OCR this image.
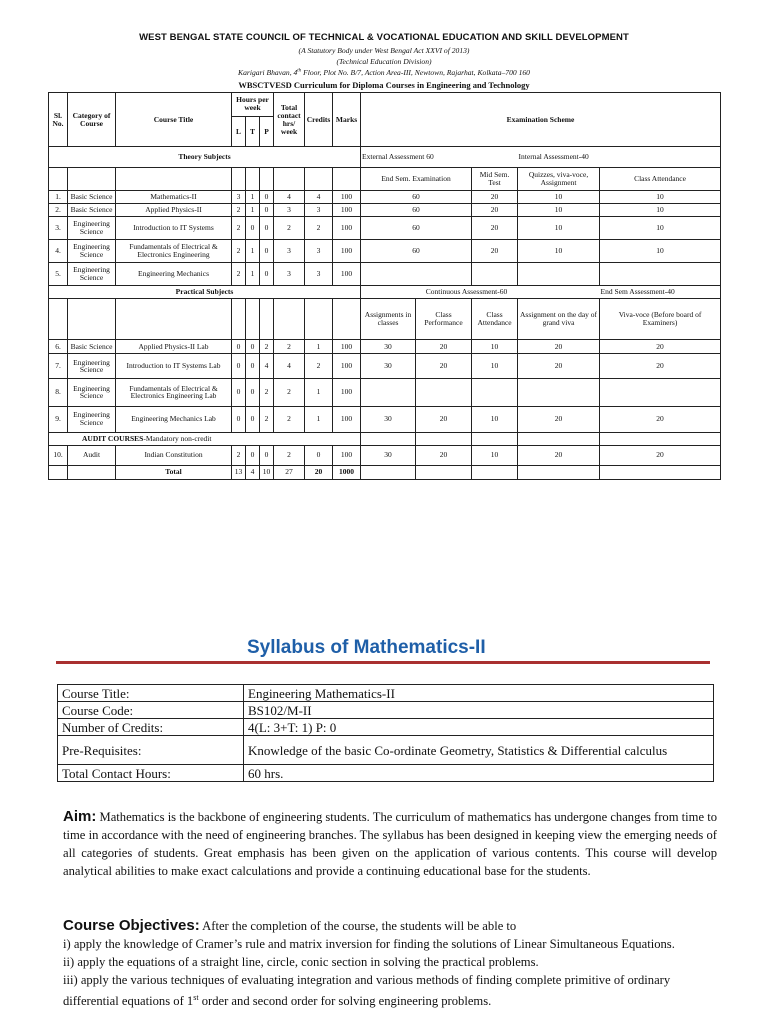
WEST BENGAL STATE COUNCIL OF TECHNICAL & VOCATIONAL EDUCATION AND SKILL DEVELOPMENT
(A Statutory Body under West Bengal Act XXVI of 2013)
(Technical Education Division)
Karigari Bhavan, 4th Floor, Plot No. B/7, Action Area-III, Newtown, Rajarhat, Kolkata–700 160
WBSCTVESD Curriculum for Diploma Courses in Engineering and Technology
Sl. No.	Category of Course	Course Title	Hours per week			Total contact hrs/ week	Credits	Marks	Examination Scheme				
			L	T	P								
Theory Subjects									External Assessment 60			Internal Assessment-40	
									End Sem. Examination		Mid Sem. Test	Quizzes, viva-voce, Assignment	Class Attendance
1.	Basic Science	Mathematics-II	3	1	0	4	4	100	60		20	10	10
2.	Basic Science	Applied Physics-II	2	1	0	3	3	100	60		20	10	10
3.	Engineering Science	Introduction to IT Systems	2	0	0	2	2	100	60		20	10	10
4.	Engineering Science	Fundamentals of Electrical & Electronics Engineering	2	1	0	3	3	100	60		20	10	10
5.	Engineering Science	Engineering Mechanics	2	1	0	3	3	100					
Practical Subjects										Continuous Assessment-60			End Sem Assessment-40
									Assignments in classes	Class Performance	Class Attendance	Assignment on the day of grand viva	Viva-voce (Before board of Examiners)
6.	Basic Science	Applied Physics-II Lab	0	0	2	2	1	100	30	20	10	20	20
7.	Engineering Science	Introduction to IT Systems Lab	0	0	4	4	2	100	30	20	10	20	20
8.	Engineering Science	Fundamentals of Electrical & Electronics Engineering Lab	0	0	2	2	1	100					
9.	Engineering Science	Engineering Mechanics Lab	0	0	2	2	1	100	30	20	10	20	20
AUDIT COURSES-Mandatory non-credit													
10.	Audit	Indian Constitution	2	0	0	2	0	100	30	20	10	20	20
		Total	13	4	10	27	20	1000					
Syllabus of Mathematics-II
Course Title:	Engineering Mathematics-II
Course Code:	BS102/M-II
Number of Credits:	4(L: 3+T: 1) P: 0
Pre-Requisites:	Knowledge of the basic Co-ordinate Geometry, Statistics & Differential calculus
Total Contact Hours:	60 hrs.
Aim: Mathematics is the backbone of engineering students. The curriculum of mathematics has undergone changes from time to time in accordance with the need of engineering branches. The syllabus has been designed in keeping view the emerging needs of all categories of students. Great emphasis has been given on the application of various contents. This course will develop analytical abilities to make exact calculations and provide a continuing educational base for the students.

Course Objectives: After the completion of the course, the students will be able to

i) apply the knowledge of Cramer’s rule and matrix inversion for finding the solutions of Linear Simultaneous Equations.

ii) apply the equations of a straight line, circle, conic section in solving the practical problems.

iii) apply the various techniques of evaluating integration and various methods of finding complete primitive of ordinary differential equations of 1st order and second order for solving engineering problems.
